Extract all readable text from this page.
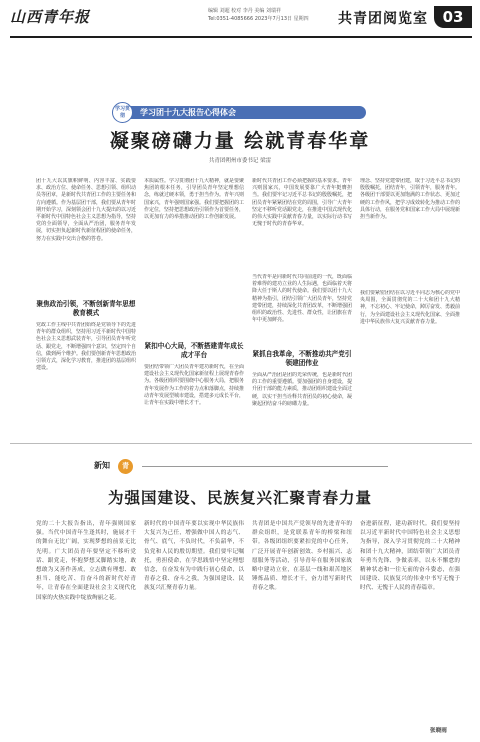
山西青年报	编辑 刘超 校对 李丹 美编 刘瑞祥
Tel:0351-4085666 2023年7月13日 星期四 共青团阅览室 03
学习贯彻	学习团十九大报告心得体会
凝聚磅礴力量 绘就青春华章
共青团朔州市委书记 梁雷
团十九大以其旗帜鲜明、内容丰富、实践要求、政治方位、使命任务、思想引领、组织动员等团章，是新时代共青团工作的主要任务和方向遵循。作为基层团干部，我们要从青年时期开始学习，深刻领会团十九大提出的以习近平新时代中国特色社会主义思想为指导，坚持党的全面领导，全面从严治团，服务青年发展，切实担负起新时代新征程团的使命任务，努力在实践中交出合格的答卷。
聚焦政治引领，不断创新青年思想教育模式
党政工作主线中共青团始终是党领导下的先进青年的群众组织，坚持用习近平新时代中国特色社会主义思想武装青年，引导团员青年听党话、跟党走，不断增强四个意识，坚定四个自信，做到两个维护。我们要创新青年思想政治引领方式，深化学习教育，推进团的基层组织建设。
本质属性。学习贯彻团十九大精神，就是要聚焦团的根本任务，引导团员青年坚定理想信念，练就过硬本领，勇于担当作为。青年兴则国家兴，青年强则国家强。我们要把握团的工作定位，坚持把思想政治引领作为首要任务，以更加有力的举措推动团的工作创新发展。
紧扣中心大局，不断搭建青年成长成才平台
要团结带领广大团员青年建功新时代，在全面建设社会主义现代化国家新征程上展现青春作为。各级团组织要围绕中心服务大局，把服务青年发展作为工作的着力点和落脚点，持续推动青年发展型城市建设，搭建多元成长平台，让青年在实践中增长才干。
新时代共青团工作必须把握的基本要求。青年兴则国家兴，中国发展要靠广大青年挺膺担当。我们要牢记习近平总书记的殷殷嘱托，把团员青年紧紧团结在党的周围，引导广大青年坚定不移听党话跟党走，在推进中国式现代化的伟大实践中贡献青春力量，以实际行动书写无愧于时代的青春华章。
当代青年是同新时代共同前进的一代，既面临着难得的建功立业的人生际遇，也面临着天将降大任于斯人的时代使命。我们要以团十九大精神为指引，团结引领广大团员青年，坚持党建带团建，持续深化共青团改革，不断增强团组织的政治性、先进性、群众性，让团旗在青年中更加鲜亮。
紧抓自我革命，不断推动共产党引领建团伟业
全面从严治团是团的光荣传统，也是新时代团的工作的重要遵循。要加强团的自身建设，提升团干部的能力素质，推动团组织建设全面过硬，以实干担当诠释共青团员的初心使命，凝聚起团结奋斗的磅礴力量。
理念、坚持党建带团建，取于习近平总书记的殷殷嘱托，团结青年，引领青年，服务青年。各级团干部要以更加饱满的工作状态、更加过硬的工作作风，把学习成效转化为推动工作的具体行动，在服务党和国家工作大局中展现新担当新作为。
我们要紧密团结在以习近平同志为核心的党中央周围，全面贯彻党的二十大和团十九大精神，不忘初心、牢记使命，踔厉奋发、勇毅前行，为全面建设社会主义现代化国家、全面推进中华民族伟大复兴贡献青春力量。
新知	青
为强国建设、民族复兴汇聚青春力量
党的二十大报告指出，青年强则国家强。当代中国青年生逢其时，施展才干的舞台无比广阔，实现梦想的前景无比光明。广大团员青年要坚定不移听党话、跟党走，怀抱梦想又脚踏实地，敢想敢为又善作善成，立志做有理想、敢担当、能吃苦、肯奋斗的新时代好青年，让青春在全面建设社会主义现代化国家的火热实践中绽放绚丽之花。
新时代的中国青年要以实现中华民族伟大复兴为己任，增强做中国人的志气、骨气、底气，不负时代，不负韶华，不负党和人民的殷切期望。我们要牢记嘱托，勇担使命，在学思践悟中坚定理想信念，在奋发有为中践行初心使命，以青春之我、奋斗之我，为强国建设、民族复兴汇聚青春力量。
共青团是中国共产党领导的先进青年的群众组织，是党联系青年的桥梁和纽带。各级团组织要紧扣党的中心任务，广泛开展青年创新创效、乡村振兴、志愿服务等活动，引导青年在服务国家战略中建功立业，在基层一线和艰苦地区锤炼品质、增长才干，奋力谱写新时代青春之歌。
奋进新征程，建功新时代。我们要坚持以习近平新时代中国特色社会主义思想为指导，深入学习贯彻党的二十大精神和团十九大精神，团结带领广大团员青年勇当先锋、争做表率，以永不懈怠的精神状态和一往无前的奋斗姿态，在强国建设、民族复兴的伟业中书写无愧于时代、无愧于人民的青春篇章。
张晓雨
